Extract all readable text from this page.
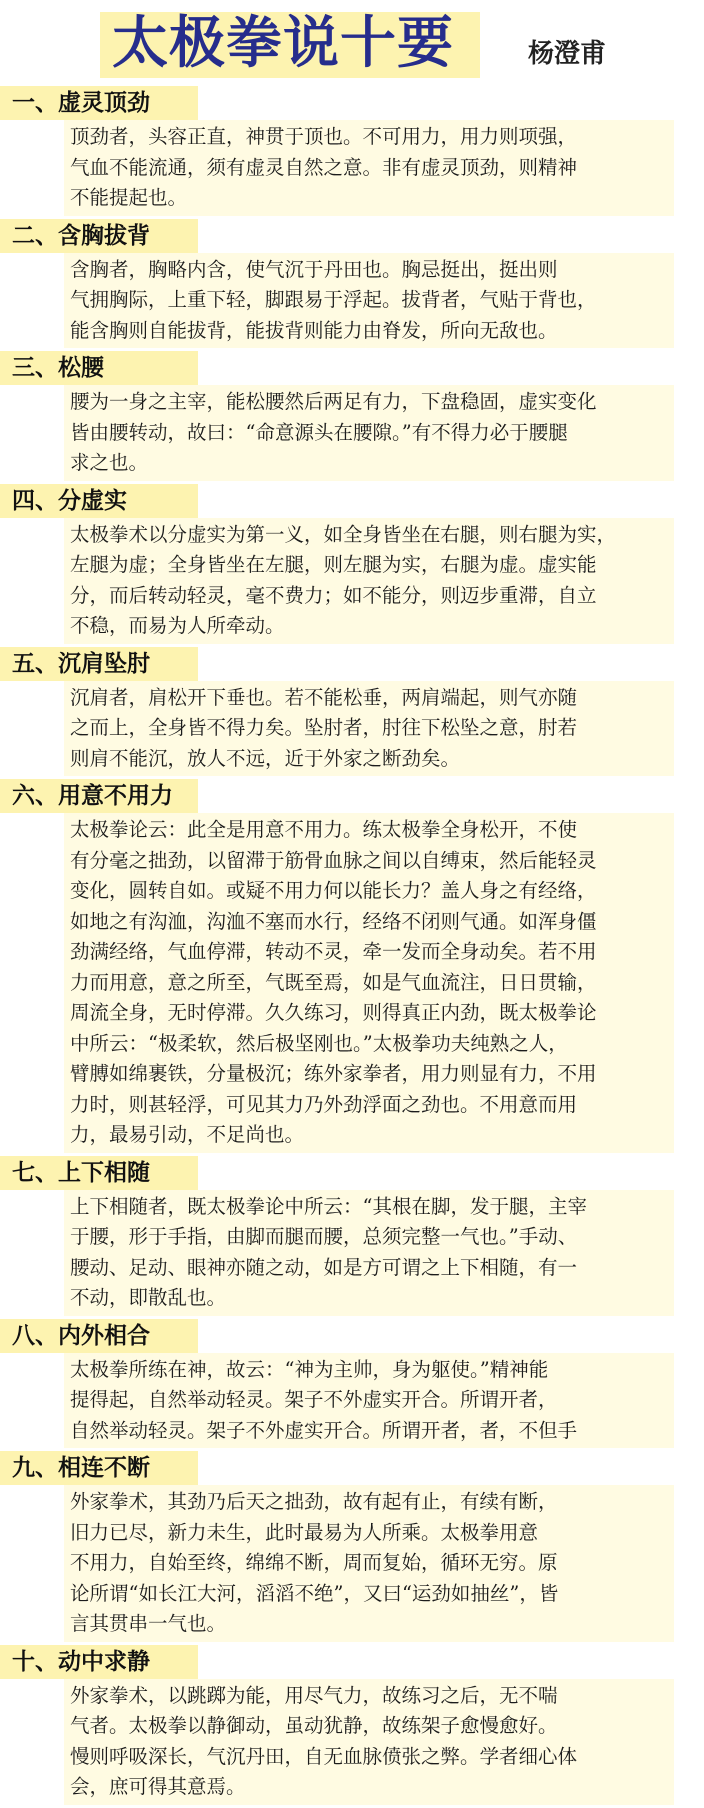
太极拳说十要	杨澄甫
一、虚灵顶劲
顶劲者，头容正直，神贯于顶也。不可用力，用力则项强，
气血不能流通，须有虚灵自然之意。非有虚灵顶劲，则精神
不能提起也。
二、含胸拔背
含胸者，胸略内含，使气沉于丹田也。胸忌挺出，挺出则
气拥胸际，上重下轻，脚跟易于浮起。拔背者，气贴于背也，
能含胸则自能拔背，能拔背则能力由脊发，所向无敌也。
三、松腰
腰为一身之主宰，能松腰然后两足有力，下盘稳固，虚实变化
皆由腰转动，故曰：“命意源头在腰隙。”有不得力必于腰腿
求之也。
四、分虚实
太极拳术以分虚实为第一义，如全身皆坐在右腿，则右腿为实，
左腿为虚；全身皆坐在左腿，则左腿为实，右腿为虚。虚实能
分，而后转动轻灵，毫不费力；如不能分，则迈步重滞，自立
不稳，而易为人所牵动。
五、沉肩坠肘
沉肩者，肩松开下垂也。若不能松垂，两肩端起，则气亦随
之而上，全身皆不得力矣。坠肘者，肘往下松坠之意，肘若
则肩不能沉，放人不远，近于外家之断劲矣。
六、用意不用力
太极拳论云：此全是用意不用力。练太极拳全身松开，不使
有分毫之拙劲，以留滞于筋骨血脉之间以自缚束，然后能轻灵
变化，圆转自如。或疑不用力何以能长力？盖人身之有经络，
如地之有沟洫，沟洫不塞而水行，经络不闭则气通。如浑身僵
劲满经络，气血停滞，转动不灵，牵一发而全身动矣。若不用
力而用意，意之所至，气既至焉，如是气血流注，日日贯输，
周流全身，无时停滞。久久练习，则得真正内劲，既太极拳论
中所云：“极柔软，然后极坚刚也。”太极拳功夫纯熟之人，
臂膊如绵裹铁，分量极沉；练外家拳者，用力则显有力，不用
力时，则甚轻浮，可见其力乃外劲浮面之劲也。不用意而用
力，最易引动，不足尚也。
七、上下相随
上下相随者，既太极拳论中所云：“其根在脚，发于腿，主宰
于腰，形于手指，由脚而腿而腰，总须完整一气也。”手动、
腰动、足动、眼神亦随之动，如是方可谓之上下相随，有一
不动，即散乱也。
八、内外相合
太极拳所练在神，故云：“神为主帅，身为躯使。”精神能
提得起，自然举动轻灵。架子不外虚实开合。所谓开者，
自然举动轻灵。架子不外虚实开合。所谓开者，者，不但手
九、相连不断
外家拳术，其劲乃后天之拙劲，故有起有止，有续有断，
旧力已尽，新力未生，此时最易为人所乘。太极拳用意
不用力，自始至终，绵绵不断，周而复始，循环无穷。原
论所谓“如长江大河，滔滔不绝”，又曰“运劲如抽丝”，皆
言其贯串一气也。
十、动中求静
外家拳术，以跳踯为能，用尽气力，故练习之后，无不喘
气者。太极拳以静御动，虽动犹静，故练架子愈慢愈好。
慢则呼吸深长，气沉丹田，自无血脉偾张之弊。学者细心体
会，庶可得其意焉。
